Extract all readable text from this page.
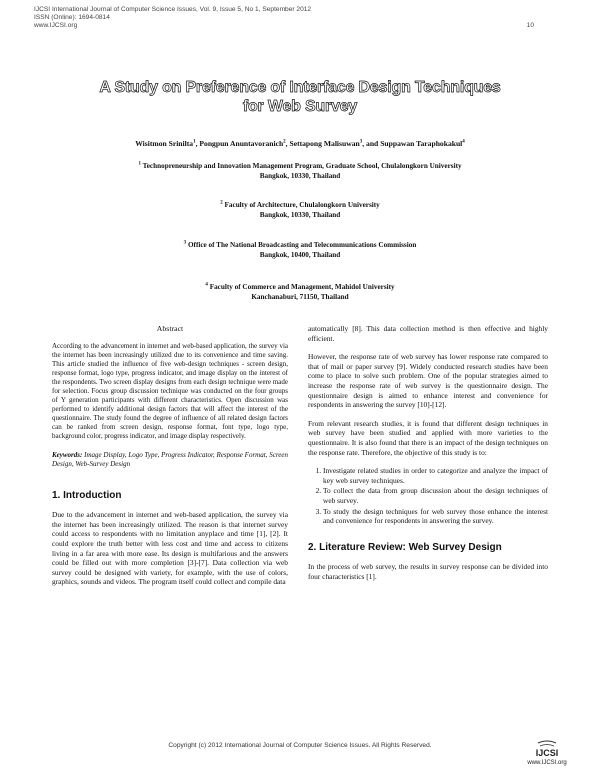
IJCSI International Journal of Computer Science Issues, Vol. 9, Issue 5, No 1, September 2012
ISSN (Online): 1694-0814
www.IJCSI.org	10
A Study on Preference of Interface Design Techniques
for Web Survey
Wisitmon Srinilta$^1$, Pongpun Anuntavoranich$^2$, Settapong Malisuwan$^3$, and Suppawan Taraphokakul$^4$
$^1$ Technopreneurship and Innovation Management Program, Graduate School, Chulalongkorn University
Bangkok, 10330, Thailand
$^2$ Faculty of Architecture, Chulalongkorn University
Bangkok, 10330, Thailand
$^3$ Office of The National Broadcasting and Telecommunications Commission
Bangkok, 10400, Thailand
$^4$ Faculty of Commerce and Management, Mahidol University
Kanchanaburi, 71150, Thailand
Abstract
According to the advancement in internet and web-based application, the survey via the internet has been increasingly utilized due to its convenience and time saving. This article studied the influence of five web-design techniques - screen design, response format, logo type, progress indicator, and image display on the interest of the respondents. Two screen display designs from each design technique were made for selection. Focus group discussion technique was conducted on the four groups of Y generation participants with different characteristics. Open discussion was performed to identify additional design factors that will affect the interest of the questionnaire. The study found the degree of influence of all related design factors can be ranked from screen design, response format, font type, logo type, background color, progress indicator, and image display respectively.
Keywords: Image Display, Logo Type, Progress Indicator, Response Format, Screen Design, Web-Survey Design
1. Introduction

Due to the advancement in internet and web-based application, the survey via the internet has been increasingly utilized. The reason is that internet survey could access to respondents with no limitation anyplace and time [1], [2]. It could explore the truth better with less cost and time and access to citizens living in a far area with more ease. Its design is multifarious and the answers could be filled out with more completion [3]-[7]. Data collection via web survey could be designed with variety, for example, with the use of colors, graphics, sounds and videos. The program itself could collect and compile data

automatically [8]. This data collection method is then effective and highly efficient.

However, the response rate of web survey has lower response rate compared to that of mail or paper survey [9]. Widely conducted research studies have been come to place to solve such problem. One of the popular strategies aimed to increase the response rate of web survey is the questionnaire design. The questionnaire design is aimed to enhance interest and convenience for respondents in answering the survey [10]-[12].

From relevant research studies, it is found that different design techniques in web survey have been studied and applied with more varieties to the questionnaire. It is also found that there is an impact of the design techniques on the response rate. Therefore, the objective of this study is to:

1. Investigate related studies in order to categorize and analyze the impact of key web survey techniques.
2. To collect the data from group discussion about the design techniques of web survey.
3. To study the design techniques for web survey those enhance the interest and convenience for respondents in answering the survey.
2. Literature Review: Web Survey Design

In the process of web survey, the results in survey response can be divided into four characteristics [1].

Copyright (c) 2012 International Journal of Computer Science Issues. All Rights Reserved.
IJCSI
www.IJCSI.org
